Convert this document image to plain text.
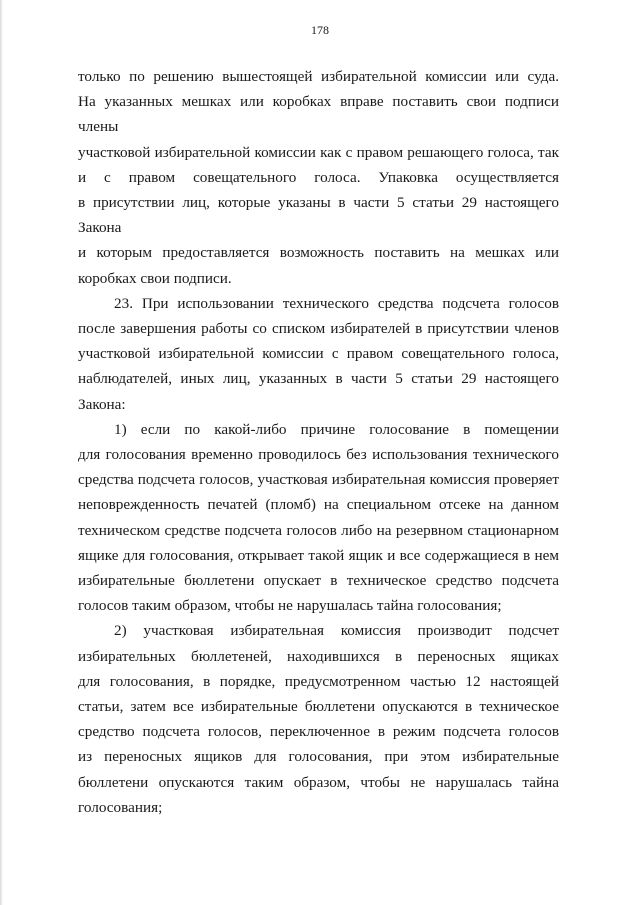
178

только по решению вышестоящей избирательной комиссии или суда.
На указанных мешках или коробках вправе поставить свои подписи члены
участковой избирательной комиссии как с правом решающего голоса, так
и с правом совещательного голоса. Упаковка осуществляется
в присутствии лиц, которые указаны в части 5 статьи 29 настоящего Закона
и которым предоставляется возможность поставить на мешках или
коробках свои подписи.

23. При использовании технического средства подсчета голосов
после завершения работы со списком избирателей в присутствии членов
участковой избирательной комиссии с правом совещательного голоса,
наблюдателей, иных лиц, указанных в части 5 статьи 29 настоящего
Закона:

1) если по какой-либо причине голосование в помещении
для голосования временно проводилось без использования технического
средства подсчета голосов, участковая избирательная комиссия проверяет
неповрежденность печатей (пломб) на специальном отсеке на данном
техническом средстве подсчета голосов либо на резервном стационарном
ящике для голосования, открывает такой ящик и все содержащиеся в нем
избирательные бюллетени опускает в техническое средство подсчета
голосов таким образом, чтобы не нарушалась тайна голосования;

2) участковая избирательная комиссия производит подсчет
избирательных бюллетеней, находившихся в переносных ящиках
для голосования, в порядке, предусмотренном частью 12 настоящей
статьи, затем все избирательные бюллетени опускаются в техническое
средство подсчета голосов, переключенное в режим подсчета голосов
из переносных ящиков для голосования, при этом избирательные
бюллетени опускаются таким образом, чтобы не нарушалась тайна
голосования;
